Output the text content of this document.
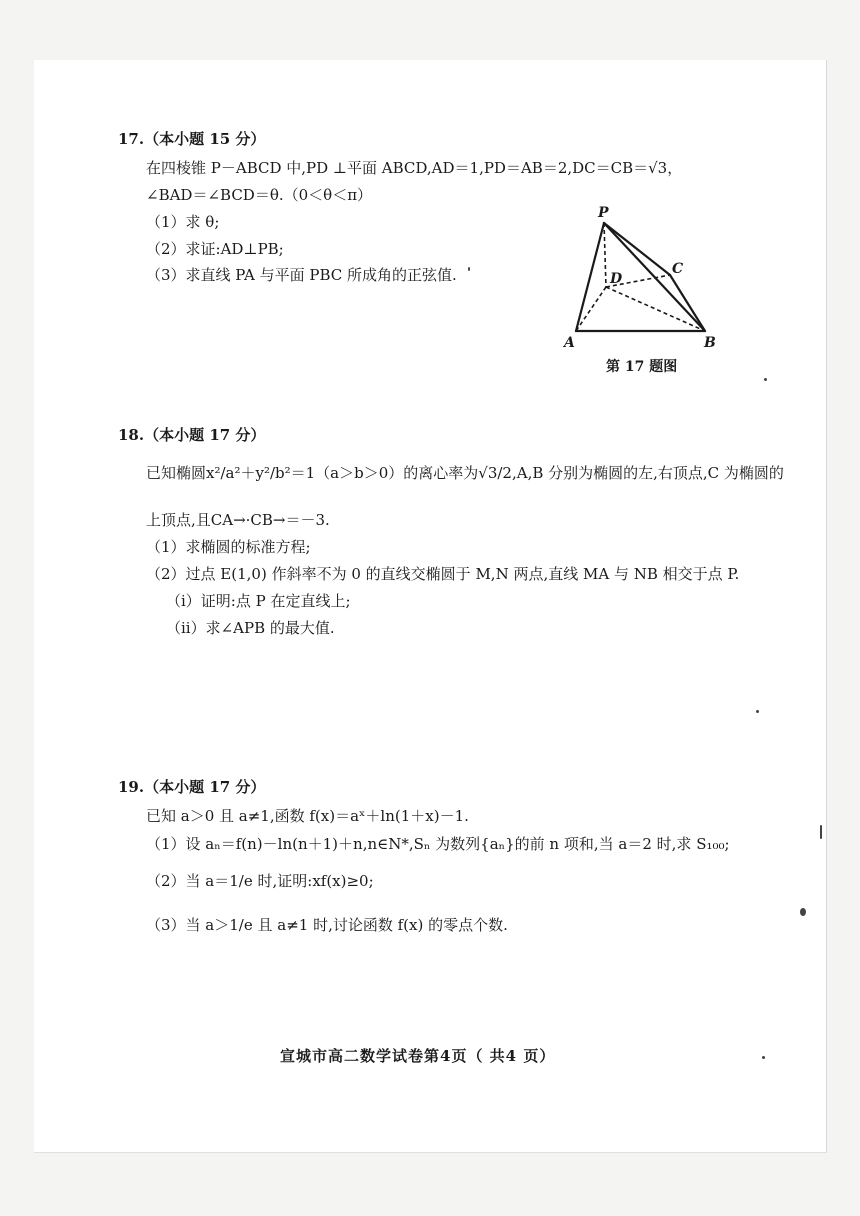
17.（本小题 15 分）
在四棱锥 P－ABCD 中,PD ⊥平面 ABCD,AD＝1,PD＝AB＝2,DC＝CB＝√3，
∠BAD＝∠BCD＝θ.（0＜θ＜π）
（1）求 θ;
（2）求证:AD⊥PB;
（3）求直线 PA 与平面 PBC 所成角的正弦值.
P
D
C
A	B
第 17 题图
18.（本小题 17 分）
已知椭圆x²/a²＋y²/b²＝1（a＞b＞0）的离心率为√3/2,A,B 分别为椭圆的左,右顶点,C 为椭圆的
上顶点,且CA→·CB→＝－3.
（1）求椭圆的标准方程;
（2）过点 E(1,0) 作斜率不为 0 的直线交椭圆于 M,N 两点,直线 MA 与 NB 相交于点 P.
（i）证明:点 P 在定直线上;
（ii）求∠APB 的最大值.
19.（本小题 17 分）
已知 a＞0 且 a≠1,函数 f(x)＝aˣ＋ln(1＋x)－1.
（1）设 aₙ＝f(n)－ln(n＋1)＋n,n∈N*,Sₙ 为数列{aₙ}的前 n 项和,当 a＝2 时,求 S₁₀₀;
（2）当 a＝1/e 时,证明:xf(x)≥0;
（3）当 a＞1/e 且 a≠1 时,讨论函数 f(x) 的零点个数.
宣城市高二数学试卷第4页（ 共4 页）
